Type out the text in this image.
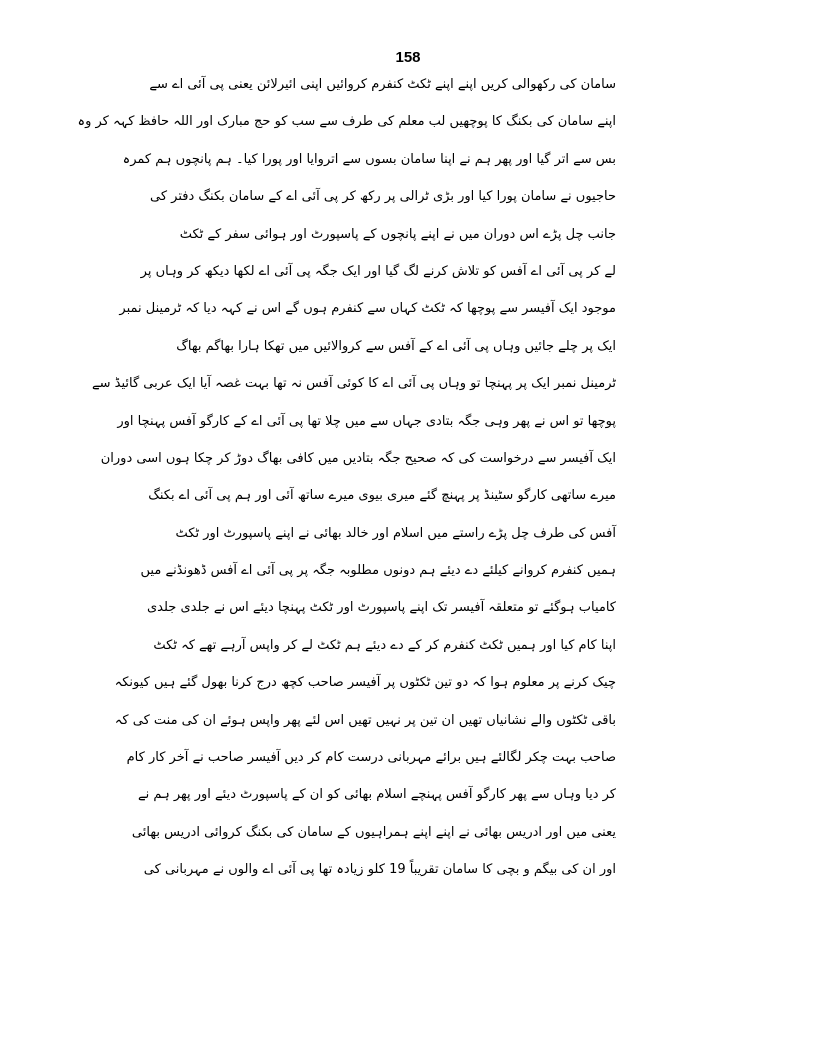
158
سامان کی رکھوالی کریں اپنے اپنے ٹکٹ کنفرم کروائیں اپنی ائیرلائن یعنی پی آئی اے سے
اپنے سامان کی بکنگ کا پوچھیں لب معلم کی طرف سے سب کو حج مبارک اور اللہ حافظ کہہ کر وہ
بس سے اتر گیا اور پھر ہم نے اپنا سامان بسوں سے اتروایا اور پورا کیا۔ ہم پانچوں ہم کمرہ
حاجیوں نے سامان پورا کیا اور بڑی ٹرالی پر رکھ کر پی آئی اے کے سامان بکنگ دفتر کی
جانب چل پڑے اس دوران میں نے اپنے پانچوں کے پاسپورٹ اور ہوائی سفر کے ٹکٹ
لے کر پی آئی اے آفس کو تلاش کرنے لگ گیا اور ایک جگہ پی آئی اے لکھا دیکھ کر وہاں پر
موجود ایک آفیسر سے پوچھا کہ ٹکٹ کہاں سے کنفرم ہوں گے اس نے کہہ دیا کہ ٹرمینل نمبر
ایک پر چلے جائیں وہاں پی آئی اے کے آفس سے کروالائیں میں تھکا ہارا بھاگم بھاگ
ٹرمینل نمبر ایک پر پہنچا تو وہاں پی آئی اے کا کوئی آفس نہ تھا بہت غصہ آیا ایک عربی گائیڈ سے
پوچھا تو اس نے پھر وہی جگہ بتادی جہاں سے میں چلا تھا پی آئی اے کے کارگو آفس پہنچا اور
ایک آفیسر سے درخواست کی کہ صحیح جگہ بتادیں میں کافی بھاگ دوڑ کر چکا ہوں اسی دوران
میرے ساتھی کارگو سٹینڈ پر پہنچ گئے میری بیوی میرے ساتھ آئی اور ہم پی آئی اے بکنگ
آفس کی طرف چل پڑے راستے میں اسلام اور خالد بھائی نے اپنے پاسپورٹ اور ٹکٹ
ہمیں کنفرم کروانے کیلئے دے دیئے ہم دونوں مطلوبہ جگہ پر پی آئی اے آفس ڈھونڈنے میں
کامیاب ہوگئے تو متعلقہ آفیسر تک اپنے پاسپورٹ اور ٹکٹ پہنچا دیئے اس نے جلدی جلدی
اپنا کام کیا اور ہمیں ٹکٹ کنفرم کر کے دے دیئے ہم ٹکٹ لے کر واپس آرہے تھے کہ ٹکٹ
چیک کرنے پر معلوم ہوا کہ دو تین ٹکٹوں پر آفیسر صاحب کچھ درج کرنا بھول گئے ہیں کیونکہ
باقی ٹکٹوں والے نشانیاں تھیں ان تین پر نہیں تھیں اس لئے پھر واپس ہوئے ان کی منت کی کہ
صاحب بہت چکر لگالئے ہیں برائے مہربانی درست کام کر دیں آفیسر صاحب نے آخر کار کام
کر دیا وہاں سے پھر کارگو آفس پہنچے اسلام بھائی کو ان کے پاسپورٹ دیئے اور پھر ہم نے
یعنی میں اور ادریس بھائی نے اپنے اپنے ہمراہیوں کے سامان کی بکنگ کروائی ادریس بھائی
اور ان کی بیگم و بچی کا سامان تقریباً 19 کلو زیادہ تھا پی آئی اے والوں نے مہربانی کی
